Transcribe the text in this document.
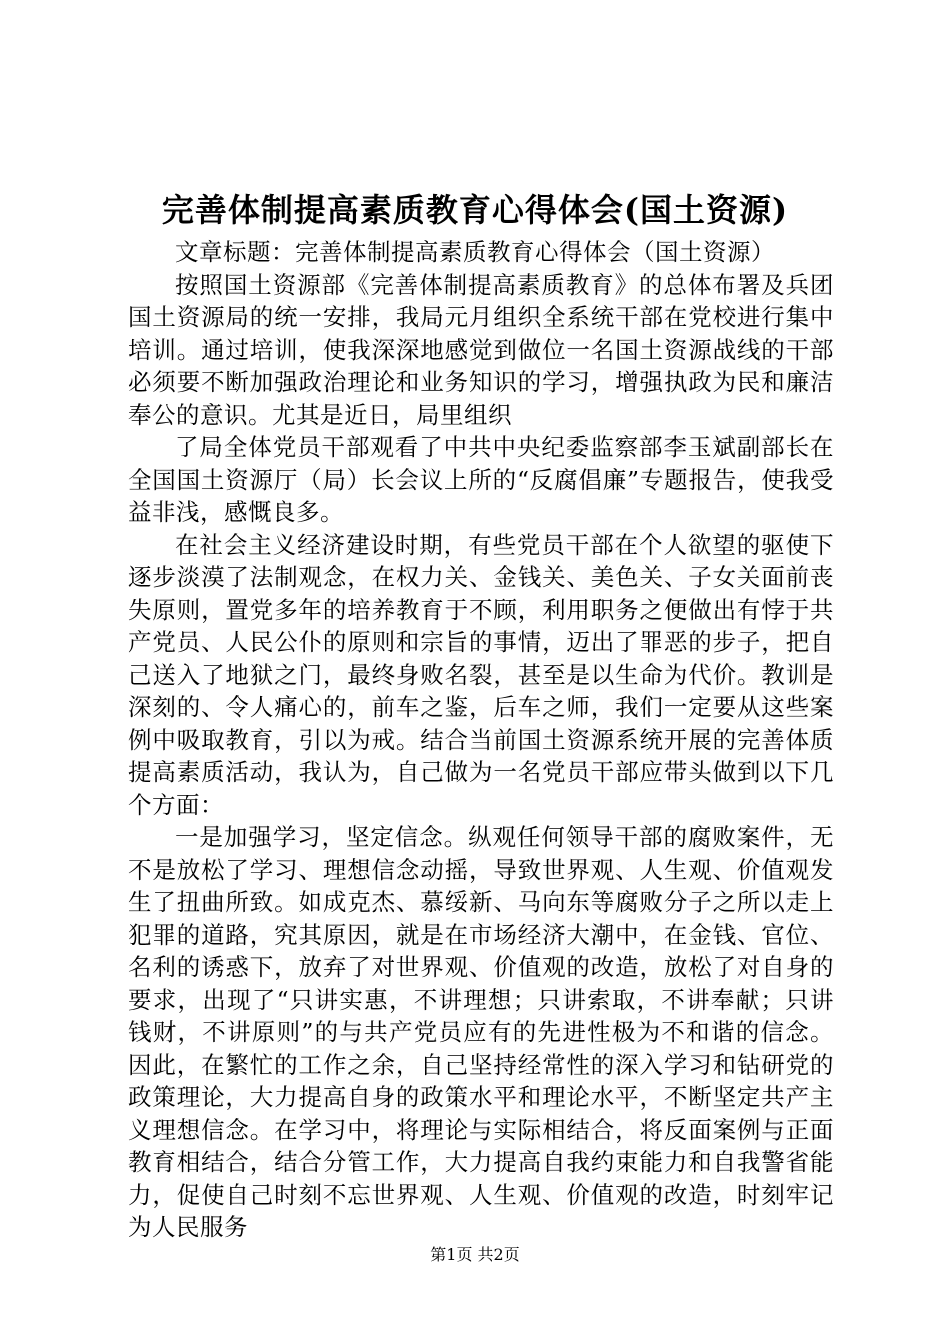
完善体制提高素质教育心得体会(国土资源)

文章标题：完善体制提高素质教育心得体会（国土资源）

按照国土资源部《完善体制提高素质教育》的总体布署及兵团国土资源局的统一安排，我局元月组织全系统干部在党校进行集中培训。通过培训，使我深深地感觉到做位一名国土资源战线的干部必须要不断加强政治理论和业务知识的学习，增强执政为民和廉洁奉公的意识。尤其是近日，局里组织

了局全体党员干部观看了中共中央纪委监察部李玉斌副部长在全国国土资源厅（局）长会议上所的“反腐倡廉”专题报告，使我受益非浅，感慨良多。

在社会主义经济建设时期，有些党员干部在个人欲望的驱使下逐步淡漠了法制观念，在权力关、金钱关、美色关、子女关面前丧失原则，置党多年的培养教育于不顾，利用职务之便做出有悖于共产党员、人民公仆的原则和宗旨的事情，迈出了罪恶的步子，把自己送入了地狱之门，最终身败名裂，甚至是以生命为代价。教训是深刻的、令人痛心的，前车之鉴，后车之师，我们一定要从这些案例中吸取教育，引以为戒。结合当前国土资源系统开展的完善体质提高素质活动，我认为，自己做为一名党员干部应带头做到以下几个方面：

一是加强学习，坚定信念。纵观任何领导干部的腐败案件，无不是放松了学习、理想信念动摇，导致世界观、人生观、价值观发生了扭曲所致。如成克杰、慕绥新、马向东等腐败分子之所以走上犯罪的道路，究其原因，就是在市场经济大潮中，在金钱、官位、名利的诱惑下，放弃了对世界观、价值观的改造，放松了对自身的要求，出现了“只讲实惠，不讲理想；只讲索取，不讲奉献；只讲钱财，不讲原则”的与共产党员应有的先进性极为不和谐的信念。因此，在繁忙的工作之余，自己坚持经常性的深入学习和钻研党的政策理论，大力提高自身的政策水平和理论水平，不断坚定共产主义理想信念。在学习中，将理论与实际相结合，将反面案例与正面教育相结合，结合分管工作，大力提高自我约束能力和自我警省能力，促使自己时刻不忘世界观、人生观、价值观的改造，时刻牢记为人民服务

第1页 共2页
